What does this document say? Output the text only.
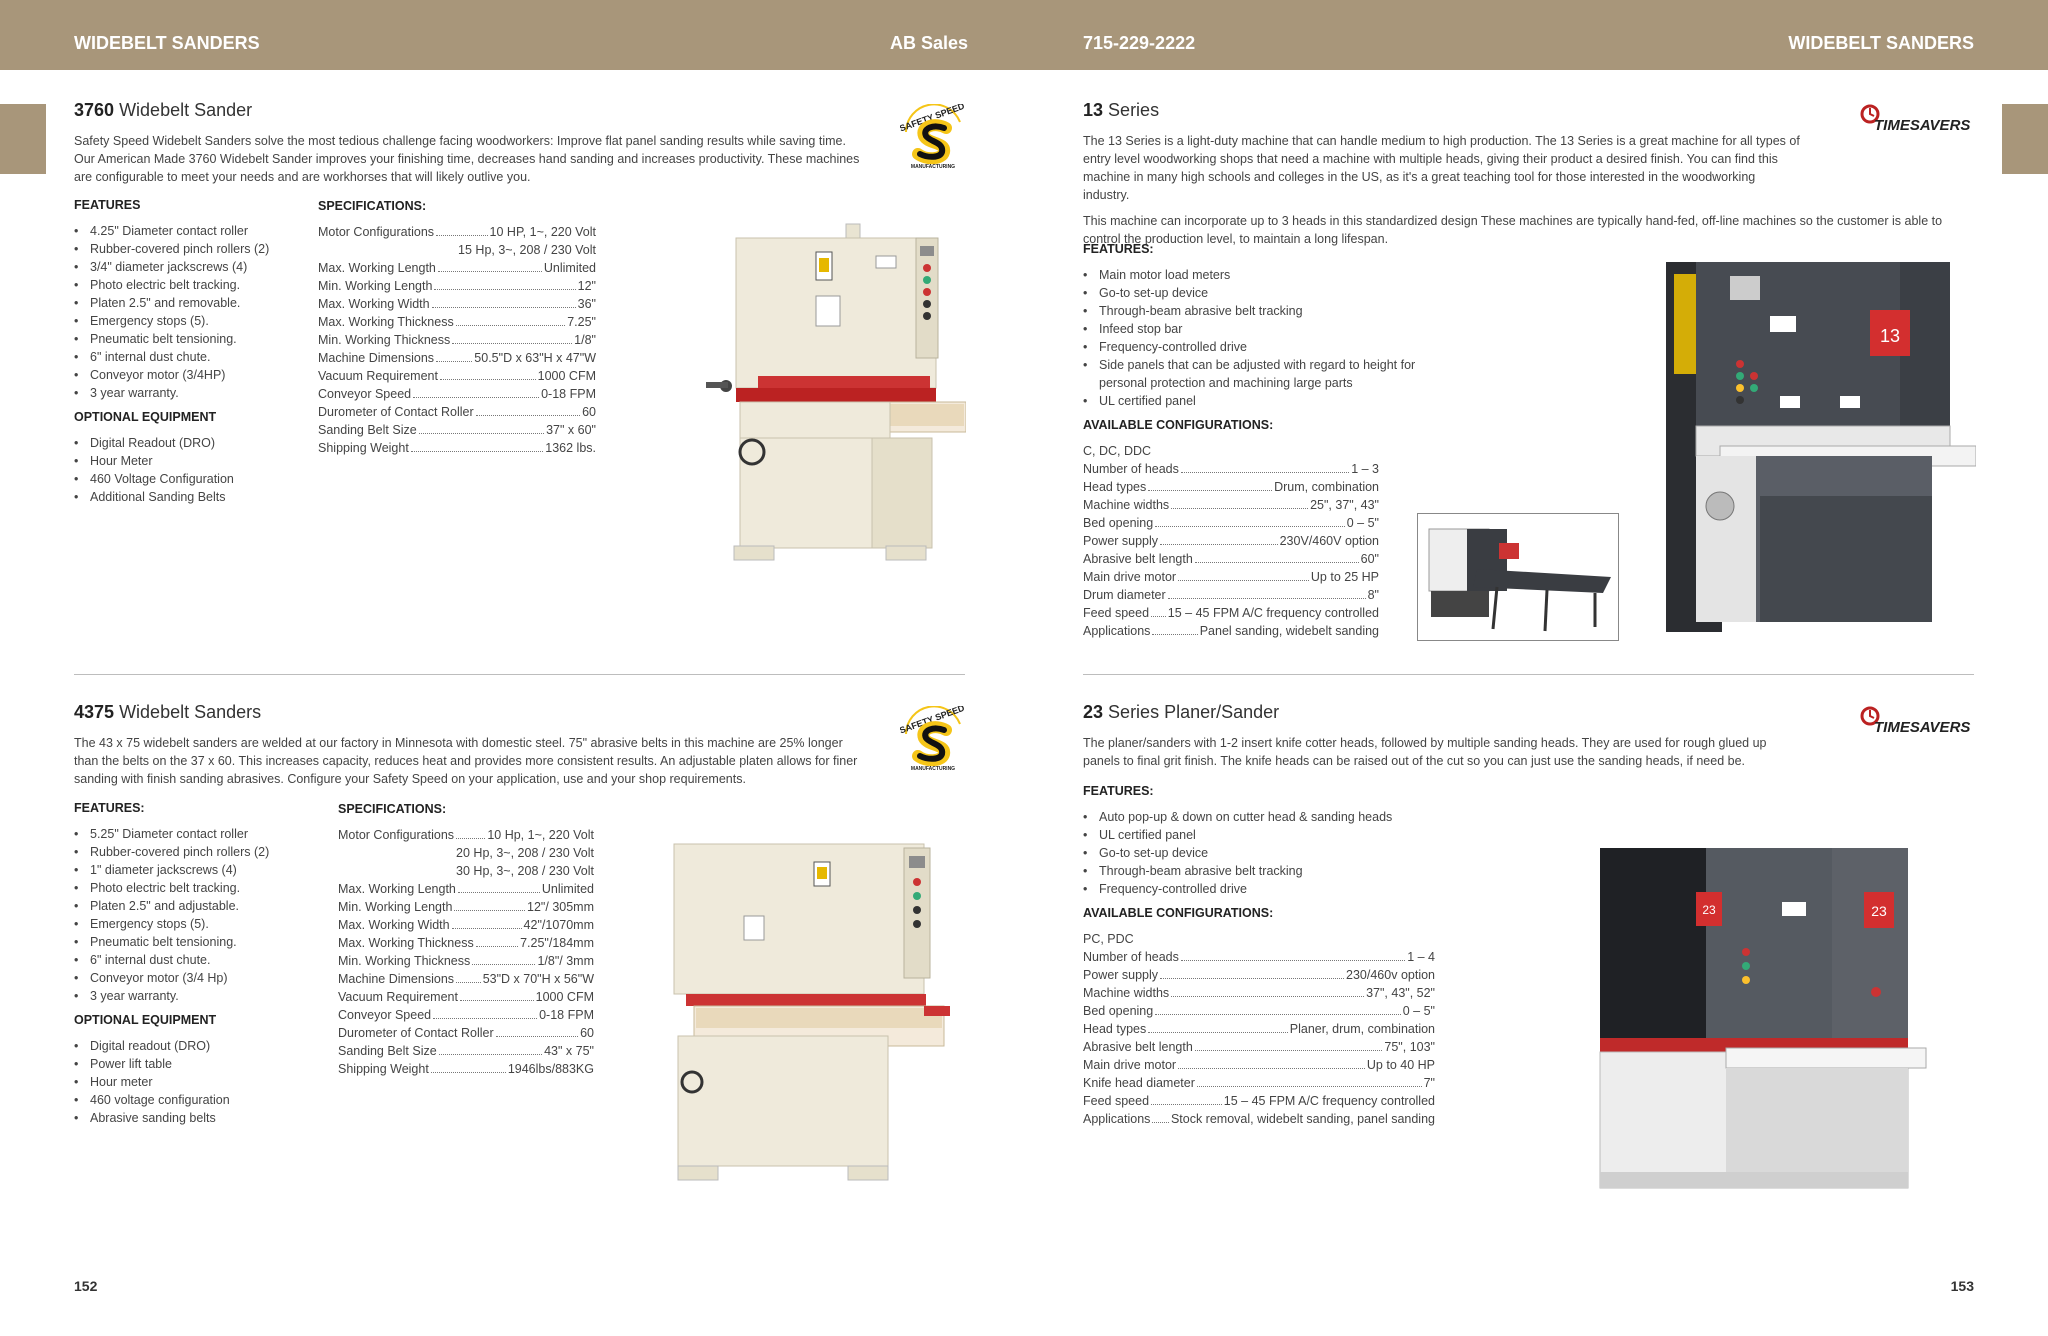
WIDEBELT SANDERS	AB Sales	715-229-2222	WIDEBELT SANDERS
3760 Widebelt Sander
Safety Speed Widebelt Sanders solve the most tedious challenge facing woodworkers: Improve flat panel sanding results while saving time. Our American Made 3760 Widebelt Sander improves your finishing time, decreases hand sanding and increases productivity. These machines are configurable to meet your needs and are workhorses that will likely outlive you.
SAFETY SPEED
MANUFACTURING
FEATURES
• 4.25" Diameter contact roller
• Rubber-covered pinch rollers (2)
• 3/4" diameter jackscrews (4)
• Photo electric belt tracking.
• Platen 2.5" and removable.
• Emergency stops (5).
• Pneumatic belt tensioning.
• 6" internal dust chute.
• Conveyor motor (3/4HP)
• 3 year warranty.
OPTIONAL EQUIPMENT
• Digital Readout (DRO)
• Hour Meter
• 460 Voltage Configuration
• Additional Sanding Belts
SPECIFICATIONS:
Motor Configurations	10 HP, 1~, 220 Volt
15 Hp, 3~, 208 / 230 Volt
Max. Working Length	Unlimited
Min. Working Length	12"
Max. Working Width	36"
Max. Working Thickness	7.25"
Min. Working Thickness	1/8"
Machine Dimensions	50.5"D x 63"H x 47"W
Vacuum Requirement	1000 CFM
Conveyor Speed	0-18 FPM
Durometer of Contact Roller	60
Sanding Belt Size	37" x 60"
Shipping Weight	1362 lbs.
4375 Widebelt Sanders
The 43 x 75 widebelt sanders are welded at our factory in Minnesota with domestic steel. 75" abrasive belts in this machine are 25% longer than the belts on the 37 x 60. This increases capacity, reduces heat and provides more consistent results. An adjustable platen allows for finer sanding with finish sanding abrasives. Configure your Safety Speed on your application, use and your shop requirements.
SAFETY SPEED
MANUFACTURING
FEATURES:
• 5.25" Diameter contact roller
• Rubber-covered pinch rollers (2)
• 1" diameter jackscrews (4)
• Photo electric belt tracking.
• Platen 2.5" and adjustable.
• Emergency stops (5).
• Pneumatic belt tensioning.
• 6" internal dust chute.
• Conveyor motor (3/4 Hp)
• 3 year warranty.
OPTIONAL EQUIPMENT
• Digital readout (DRO)
• Power lift table
• Hour meter
• 460 voltage configuration
• Abrasive sanding belts
SPECIFICATIONS:
Motor Configurations	10 Hp, 1~, 220 Volt
20 Hp, 3~, 208 / 230 Volt
30 Hp, 3~, 208 / 230 Volt
Max. Working Length	Unlimited
Min. Working Length	12"/ 305mm
Max. Working Width	42"/1070mm
Max. Working Thickness	7.25"/184mm
Min. Working Thickness	1/8"/ 3mm
Machine Dimensions 53"D x 70"H x 56"W
Vacuum Requirement	1000 CFM
Conveyor Speed	0-18 FPM
Durometer of Contact Roller	60
Sanding Belt Size	43" x 75"
Shipping Weight	1946lbs/883KG
13 Series
The 13 Series is a light-duty machine that can handle medium to high production. The 13 Series is a great machine for all types of entry level woodworking shops that need a machine with multiple heads, giving their product a desired finish. You can find this machine in many high schools and colleges in the US, as it's a great teaching tool for those interested in the woodworking industry.
This machine can incorporate up to 3 heads in this standardized design These machines are typically hand-fed, off-line machines so the customer is able to control the production level, to maintain a long lifespan.
TIMESAVERS
FEATURES:
• Main motor load meters
• Go-to set-up device
• Through-beam abrasive belt tracking
• Infeed stop bar
• Frequency-controlled drive
• Side panels that can be adjusted with regard to height for personal protection and machining large parts
• UL certified panel
AVAILABLE CONFIGURATIONS:
C, DC, DDC
Number of heads	1 – 3
Head types	Drum, combination
Machine widths	25", 37", 43"
Bed opening	0 – 5"
Power supply	230V/460V option
Abrasive belt length	60"
Main drive motor	Up to 25 HP
Drum diameter	8"
Feed speed 15 – 45 FPM A/C frequency controlled
Applications	Panel sanding, widebelt sanding
13
23 Series Planer/Sander
The planer/sanders with 1-2 insert knife cotter heads, followed by multiple sanding heads. They are used for rough glued up panels to final grit finish. The knife heads can be raised out of the cut so you can just use the sanding heads, if need be.
TIMESAVERS
FEATURES:
• Auto pop-up & down on cutter head & sanding heads
• UL certified panel
• Go-to set-up device
• Through-beam abrasive belt tracking
• Frequency-controlled drive
AVAILABLE CONFIGURATIONS:
PC, PDC
Number of heads	1 – 4
Power supply	230/460v option
Machine widths	37", 43", 52"
Bed opening	0 – 5"
Head types	Planer, drum, combination
Abrasive belt length	75", 103"
Main drive motor	Up to 40 HP
Knife head diameter	7"
Feed speed	15 – 45 FPM A/C frequency controlled
Applications Stock removal, widebelt sanding, panel sanding
23	23
152	153
